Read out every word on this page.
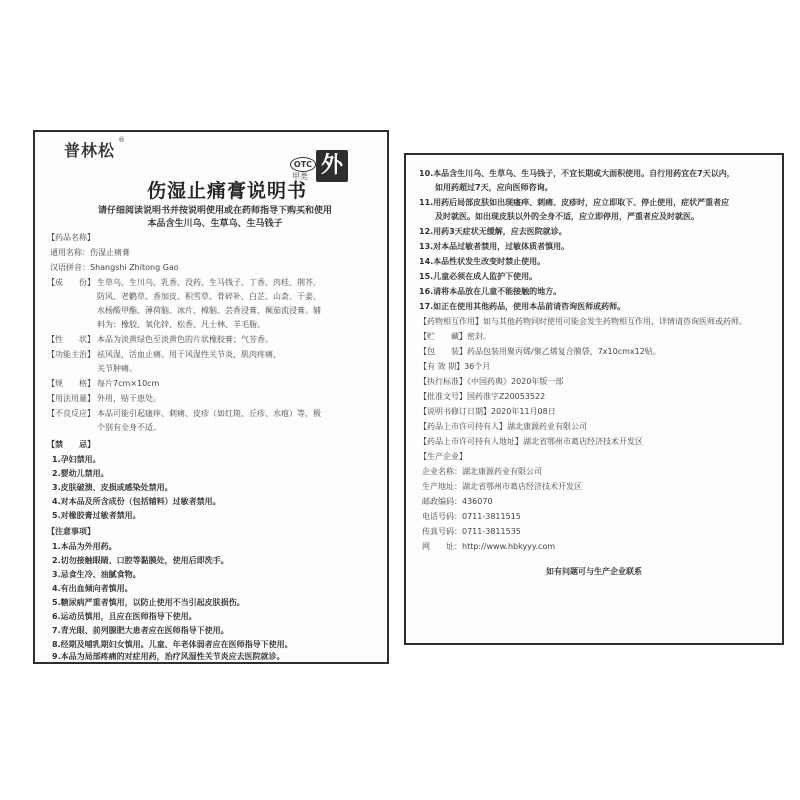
普林松
®
OTC
甲类 外
伤湿止痛膏说明书
请仔细阅读说明书并按说明使用或在药师指导下购买和使用
本品含生川乌、生草乌、生马钱子
【药品名称】
通用名称：伤湿止痛膏
汉语拼音：Shangshi Zhitong Gao
【成　　份】 生草乌、生川乌、乳香、没药、生马钱子、丁香、肉桂、荆芥、
防风、老鹳草、香加皮、积雪草、骨碎补、白芷、山柰、干姜、
水杨酸甲酯、薄荷脑、冰片、樟脑、芸香浸膏、颠茄流浸膏。辅
料为：橡胶、氧化锌、松香、凡士林、羊毛脂。
【性　　状】 本品为淡黄绿色至淡黄色的片状橡胶膏；气芳香。
【功能主治】 祛风湿，活血止痛。用于风湿性关节炎，肌肉疼痛，
关节肿痛。
【规　　格】 每片7cm×10cm
【用法用量】 外用，贴于患处。
【不良反应】 本品可能引起瘙痒、刺痛、皮疹（如红斑、丘疹、水疱）等，极
个别有全身不适。
【禁　　忌】
1.孕妇禁用。
2.婴幼儿禁用。
3.皮肤破溃、皮损或感染处禁用。
4.对本品及所含成份（包括辅料）过敏者禁用。
5.对橡胶膏过敏者禁用。
【注意事项】
1.本品为外用药。
2.切勿接触眼睛、口腔等黏膜处，使用后即洗手。
3.忌食生冷、油腻食物。
4.有出血倾向者慎用。
5.糖尿病严重者慎用，以防止使用不当引起皮肤损伤。
6.运动员慎用，且应在医师指导下使用。
7.青光眼、前列腺肥大患者应在医师指导下使用。
8.经期及哺乳期妇女慎用。儿童、年老体弱者应在医师指导下使用。
9.本品为局部疼痛的对症用药，治疗风湿性关节炎应去医院就诊。
10.本品含生川乌、生草乌、生马钱子，不宜长期或大面积使用。自行用药宜在7天以内，
　　如用药超过7天，应向医师咨询。
11.用药后局部皮肤如出现瘙痒、刺痛、皮疹时，应立即取下、停止使用，症状严重者应
　　及时就医。如出现皮肤以外的全身不适，应立即停用，严重者应及时就医。
12.用药3天症状无缓解，应去医院就诊。
13.对本品过敏者禁用，过敏体质者慎用。
14.本品性状发生改变时禁止使用。
15.儿童必须在成人监护下使用。
16.请将本品放在儿童不能接触的地方。
17.如正在使用其他药品，使用本品前请咨询医师或药师。
【药物相互作用】如与其他药物同时使用可能会发生药物相互作用，详情请咨询医师或药师。
【贮　　藏】密封。
【包　　装】药品包装用聚丙烯/聚乙烯复合膜袋，7x10cmx12贴。
【有 效 期】36个月
【执行标准】《中国药典》2020年版一部
【批准文号】国药准字Z20053522
【说明书修订日期】2020年11月08日
【药品上市许可持有人】湖北康源药业有限公司
【药品上市许可持有人地址】湖北省鄂州市葛店经济技术开发区
【生产企业】
企业名称：湖北康源药业有限公司
生产地址：湖北省鄂州市葛店经济技术开发区
邮政编码：436070
电话号码：0711-3811515
传真号码：0711-3811535
网　　址：http://www.hbkyyy.com
如有问题可与生产企业联系
